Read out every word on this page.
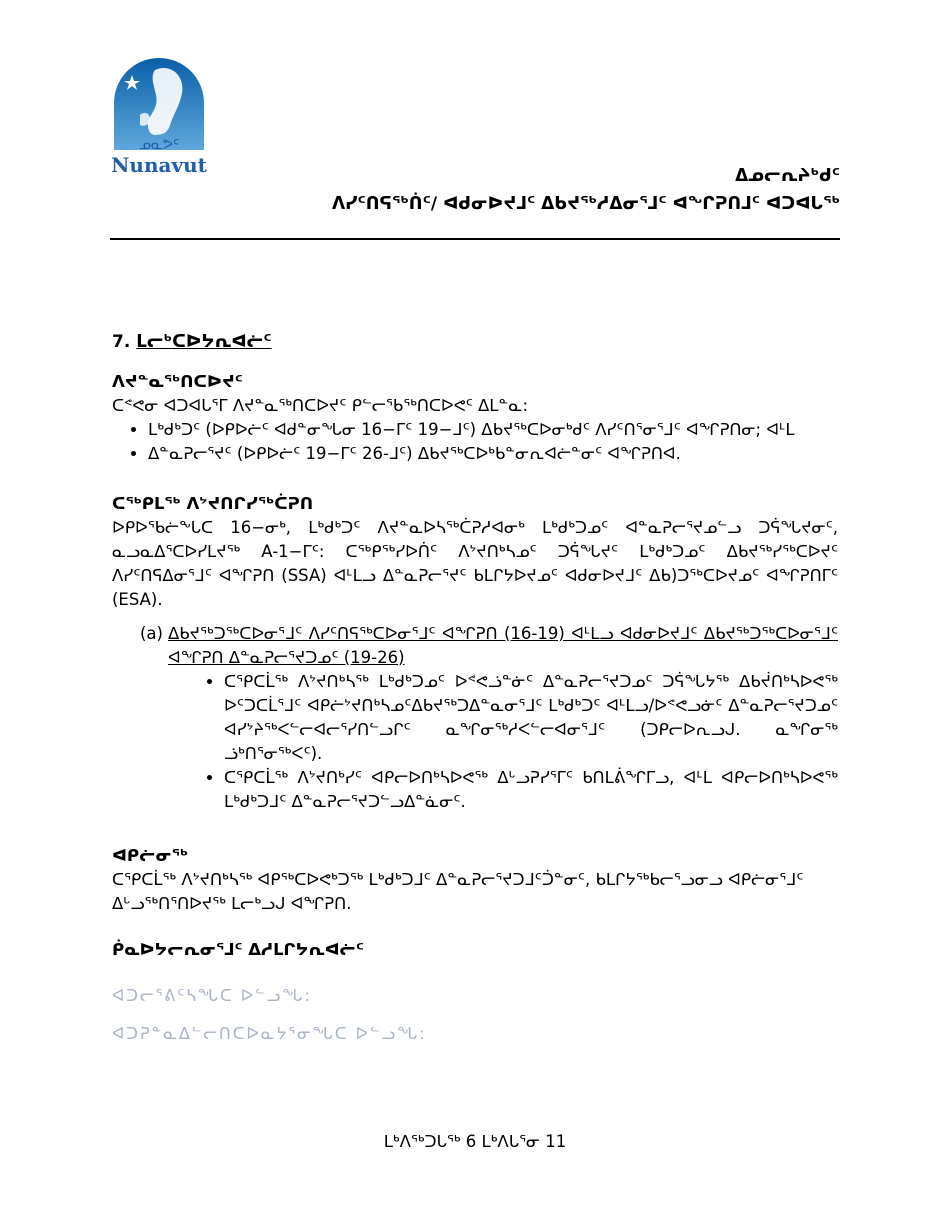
ᓄᓇᕗᑦ
Nunavut	ᐃᓄᓕᕆᔨᒃᑯᑦ
ᐱᓯᑦᑎᕋᖅᑏᑦ/ ᐊᑯᓂᐅᔪᒧᑦ ᐃᑲᔪᖅᓱᐃᓂᕐᒧᑦ ᐊᖏᕈᑎᒧᑦ ᐊᑐᐊᒐᖅ
7. ᒪᓕᒃᑕᐅᔭᕆᐊᓖᑦ

ᐱᔪᓐᓇᖅᑎᑕᐅᔪᑦ

ᑕᕝᕙᓂ ᐊᑐᐊᒐᕐᒥ ᐱᔪᓐᓇᖅᑎᑕᐅᔪᑦ ᑭᓪᓕᖃᖅᑎᑕᐅᕙᑦ ᐃᒪᓐᓇ:

• ᒪᒃᑯᒃᑐᑦ (ᐅᑭᐅᓖᑦ ᐊᑯᓐᓂᖓᓂ 16−ᒥᑦ 19−ᒧᑦ) ᐃᑲᔪᖅᑕᐅᓂᒃᑯᑦ ᐱᓯᑦᑎᕐᓂᕐᒧᑦ ᐊᖏᕈᑎᓂ; ᐊᒻᒪ
• ᐃᓐᓇᕈᓕᕐᔪᑦ (ᐅᑭᐅᓖᑦ 19−ᒥᑦ 26-ᒧᑦ) ᐃᑲᔪᖅᑕᐅᒃᑲᓐᓂᕆᐊᓖᓐᓂᑦ ᐊᖏᕈᑎᐊ.

ᑕᖅᑭᒪᖅ ᐱᔾᔪᑎᒋᓯᖅᑖᕈᑎ

ᐅᑭᐅᕐᑲᓖᖕᒐᑕ 16−ᓂᒃ, ᒪᒃᑯᒃᑐᑦ ᐱᔪᓐᓇᐅᓴᖅᑖᕈᓱᐊᓂᒃ ᒪᒃᑯᒃᑐᓄᑦ ᐊᓐᓇᕈᓕᕐᔪᓄᓪᓗ ᑐᕌᖓᔪᓂᑦ, ᓇᓗᓇᐃᕐᑕᐅᓯᒪᔪᖅ A-1−ᒥᑦ: ᑕᖅᑭᖅᓯᐅᑏᑦ ᐱᔾᔪᑎᒃᓴᓄᑦ ᑐᕌᖓᔪᑦ ᒪᒃᑯᒃᑐᓄᑦ ᐃᑲᔪᖅᓯᖅᑕᐅᔪᑦ ᐱᓯᑦᑎᕋᐃᓂᕐᒧᑦ ᐊᖏᕈᑎ (SSA) ᐊᒻᒪᓗ ᐃᓐᓇᕈᓕᕐᔪᑦ ᑲᒪᒋᔭᐅᔪᓄᑦ ᐊᑯᓂᐅᔪᒧᑦ ᐃᑲ)ᑐᖅᑕᐅᔪᓄᑦ ᐊᖏᕈᑎᒥᑦ (ESA).

(a) ᐃᑲᔪᖅᑐᖅᑕᐅᓂᕐᒧᑦ ᐱᓯᑦᑎᕋᖅᑕᐅᓂᕐᒧᑦ ᐊᖏᕈᑎ (16-19) ᐊᒻᒪᓗ ᐊᑯᓂᐅᔪᒧᑦ ᐃᑲᔪᖅᑐᖅᑕᐅᓂᕐᒧᑦ ᐊᖏᕈᑎ ᐃᓐᓇᕈᓕᕐᔪᑐᓄᑦ (19-26)
• ᑕᕿᑕᒫᖅ ᐱᔾᔪᑎᒃᓴᖅ ᒪᒃᑯᒃᑐᓄᑦ ᐅᕝᕙᓘᓐᓃᑦ ᐃᓐᓇᕈᓕᕐᔪᑐᓄᑦ ᑐᕌᖓᔭᖅ ᐃᑲᔫᑎᒃᓴᐅᕙᖅ ᐅᑦᑐᑕᒫᕐᒧᑦ ᐊᑭᓖᔾᔪᑎᒃᓴᓄᑦᐃᑲᔪᖅᑐᐃᓐᓇᓂᕐᒧᑦ ᒪᒃᑯᒃᑐᑦ ᐊᒻᒪᓗ/ᐅᕝᕙᓗᓃᑦ ᐃᓐᓇᕈᓕᕐᔪᑐᓄᑦ ᐊᓯᔾᔨᖅᐸᓪᓕᐊᓕᕐᓯᑎᓪᓗᒋᑦ ᓇᖏᓂᖅᓱᐸᓪᓕᐊᓂᕐᒧᑦ (ᑐᑭᓕᐅᕆᓗᒍ. ᓇᖏᓂᖅ ᓘᒃᑎᕐᓂᖅᐸᑦ).
• ᑕᕿᑕᒫᖅ ᐱᔾᔪᑎᒃᓯᑦ ᐊᑭᓕᐅᑎᒃᓴᐅᕙᖅ ᐃᒡᓗᕈᓯᕐᒥᑦ ᑲᑎᒪᕖᖏᒥᓗ, ᐊᒻᒪ ᐊᑭᓕᐅᑎᒃᓴᐅᕙᖅ ᒪᒃᑯᒃᑐᒧᑦ ᐃᓐᓇᕈᓕᕐᔪᑐᓪᓗᐃᓐᓈᓂᑦ.

ᐊᑭᓖᓂᖅ

ᑕᕿᑕᒫᖅ ᐱᔾᔪᑎᒃᓴᖅ ᐊᑭᖅᑕᐅᕙᒃᑐᖅ ᒪᒃᑯᒃᑐᒧᑦ ᐃᓐᓇᕈᓕᕐᔪᑐᒧᑦᑑᓐᓂᑦ, ᑲᒪᒋᔭᖅᑲᓕᕐᓗᓂᓗ ᐊᑭᓖᓂᕐᒧᑦ ᐃᒡᓗᖅᑎᕐᑎᐅᔪᖅ ᒪᓕᒃᓗᒍ ᐊᖏᕈᑎ.

ᑮᓇᐅᔭᓕᕆᓂᕐᒧᑦ ᐃᓱᒪᒋᔭᕆᐊᓖᑦ

ᐊᑐᓕᕐᕕᑦᓴᖓᑕ ᐅᓪᓗᖓ:

ᐊᑐᕈᓐᓇᐃᓪᓕᑎᑕᐅᓇᔭᕐᓂᖓᑕ ᐅᓪᓗᖓ:

ᒪᒃᐱᖅᑐᒐᖅ 6 ᒪᒃᐱᒐᕐᓂ 11
